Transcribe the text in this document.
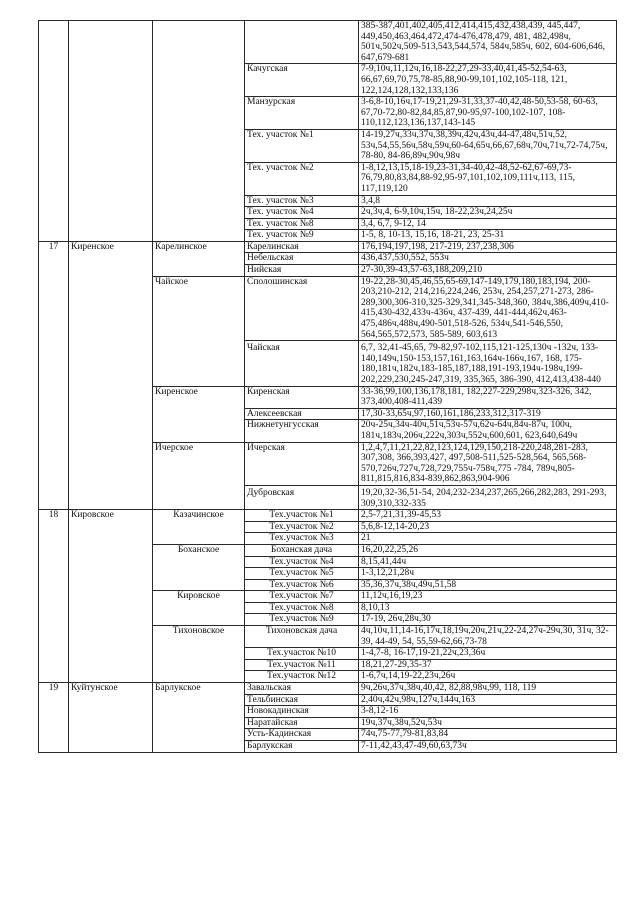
				385-387,401,402,405,412,414,415,432,438,439, 445,447, 449,450,463,464,472,474-476,478,479, 481, 482,498ч, 501ч,502ч,509-513,543,544,574, 584ч,585ч, 602, 604-606,646, 647,679-681
			Качугская	7-9,10ч,11,12ч,16,18-22,27,29-33,40,41,45-52,54-63, 66,67,69,70,75,78-85,88,90-99,101,102,105-118, 121, 122,124,128,132,133,136
			Манзурская	3-6,8-10,16ч,17-19,21,29-31,33,37-40,42,48-50,53-58, 60-63, 67,70-72,80-82,84,85,87,90-95,97-100,102-107, 108-110,112,123,136,137,143-145
			Тех. участок №1	14-19,27ч,33ч,37ч,38,39ч,42ч,43ч,44-47,48ч,51ч,52, 53ч,54,55,56ч,58ч,59ч,60-64,65ч,66,67,68ч,70ч,71ч,72-74,75ч, 78-80, 84-86,89ч,90ч,98ч
			Тех. участок №2	1-8,12,13,15,18-19,23-31,34-40,42-48,52-62,67-69,73-76,79,80,83,84,88-92,95-97,101,102,109,111ч,113, 115, 117,119,120
			Тех. участок №3	3,4,8
			Тех. участок №4	2ч,3ч,4, 6-9,10ч,15ч, 18-22,23ч,24,25ч
			Тех. участок №8	3,4, 6,7, 9-12, 14
			Тех. участок №9	1-5, 8, 10-13, 15,16, 18-21, 23, 25-31
17	Киренское	Карелинское	Карелинская	176,194,197,198, 217-219, 237,238,306
			Небельская	436,437,530,552, 553ч
			Нийская	27-30,39-43,57-63,188,209,210
		Чайское	Сполошинская	19-22,28-30,45,46,55,65-69,147-149,179,180,183,194, 200-203,210-212, 214,216,224,246, 253ч, 254,257,271-273, 286-289,300,306-310,325-329,341,345-348,360, 384ч,386,409ч,410-415,430-432,433ч-436ч, 437-439, 441-444,462ч,463-475,486ч,488ч,490-501,518-526, 534ч,541-546,550, 564,565,572,573, 585-589, 603,613
			Чайская	6,7, 32,41-45,65, 79-82,97-102,115,121-125,130ч -132ч, 133-140,149ч,150-153,157,161,163,164ч-166ч,167, 168, 175-180,181ч,182ч,183-185,187,188,191-193,194ч-198ч,199-202,229,230,245-247,319, 335,365, 386-390, 412,413,438-440
		Киренское	Киренская	33-36,99,100,136,178,181, 182,227-229,298ч,323-326, 342, 373,400,408-411,439
			Алексеевская	17,30-33,65ч,97,160,161,186,233,312,317-319
			Нижнетунгусская	20ч-25ч,34ч-40ч,51ч,53ч-57ч,62ч-64ч,84ч-87ч, 100ч, 181ч,183ч,206ч,222ч,303ч,552ч,600,601, 623,640,649ч
		Ичерское	Ичерская	1,2,4,7,11,21,22,82,123,124,129,150,218-220,248,281-283, 307,308, 366,393,427, 497,508-511,525-528,564, 565,568-570,726ч,727ч,728,729,755ч-758ч,775 -784, 789ч,805-811,815,816,834-839,862,863,904-906
			Дубровская	19,20,32-36,51-54, 204,232-234,237,265,266,282,283, 291-293, 309,310,332-335
18	Кировское	Казачинское	Тех.участок №1	2,5-7,21,31,39-45,53
			Тех.участок №2	5,6,8-12,14-20,23
			Тех.участок №3	21
		Боханское	Боханская дача	16,20,22,25,26
			Тех.участок №4	8,15,41,44ч
			Тех.участок №5	1-3,12,21,28ч
			Тех.участок №6	35,36,37ч,38ч,49ч,51,58
		Кировское	Тех.участок №7	11,12ч,16,19,23
			Тех.участок №8	8,10,13
			Тех.участок №9	17-19, 26ч,28ч,30
		Тихоновское	Тихоновская дача	4ч,10ч,11,14-16,17ч,18,19ч,20ч,21ч,22-24,27ч-29ч,30, 31ч, 32-39, 44-49, 54, 55,59-62,66,73-78
			Тех.участок №10	1-4,7-8, 16-17,19-21,22ч,23,36ч
			Тех.участок №11	18,21,27-29,35-37
			Тех.участок №12	1-6,7ч,14,19-22,23ч,26ч
19	Куйтунское	Барлукское	Завальская	9ч,26ч,37ч,38ч,40,42, 82,88,98ч,99, 118, 119
			Тельбинская	2,40ч,42ч,98ч,127ч,144ч,163
			Новокадинская	3-8,12-16
			Наратайская	19ч,37ч,38ч,52ч,53ч
			Усть-Кадинская	74ч,75-77,79-81,83,84
			Барлукская	7-11,42,43,47-49,60,63,73ч
